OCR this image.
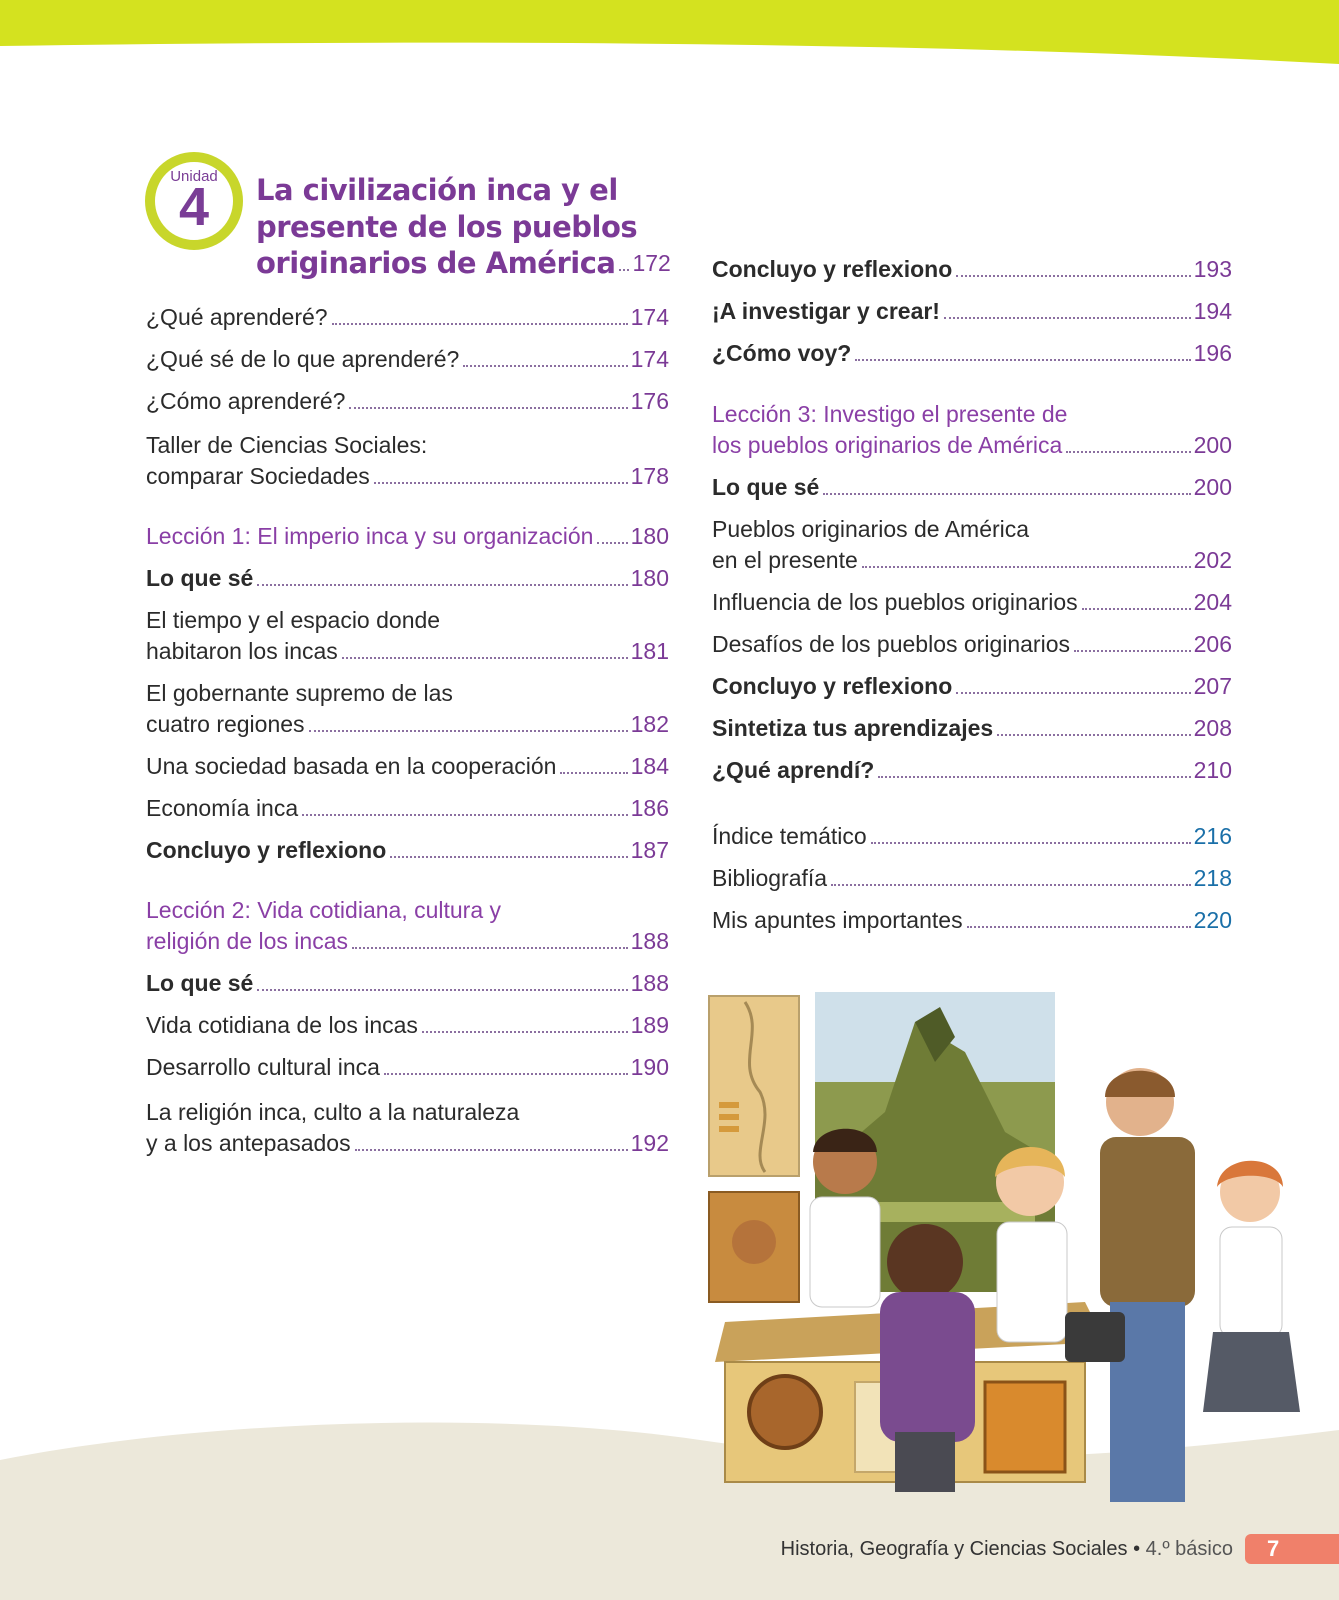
Unidad
4	La civilización inca y el
presente de los pueblos
originarios de América 172
¿Qué aprenderé?	174
¿Qué sé de lo que aprenderé?	174
¿Cómo aprenderé?	176
Taller de Ciencias Sociales:
comparar Sociedades	178
Lección 1: El imperio inca y su organización 180
Lo que sé	180
El tiempo y el espacio donde
habitaron los incas	181
El gobernante supremo de las
cuatro regiones	182
Una sociedad basada en la cooperación	184
Economía inca	186
Concluyo y reflexiono	187
Lección 2: Vida cotidiana, cultura y
religión de los incas	188
Lo que sé	188
Vida cotidiana de los incas	189
Desarrollo cultural inca	190
La religión inca, culto a la naturaleza
y a los antepasados	192
Concluyo y reflexiono	193
¡A investigar y crear!	194
¿Cómo voy?	196
Lección 3: Investigo el presente de
los pueblos originarios de América	200
Lo que sé	200
Pueblos originarios de América
en el presente	202
Influencia de los pueblos originarios	204
Desafíos de los pueblos originarios	206
Concluyo y reflexiono	207
Sintetiza tus aprendizajes	208
¿Qué aprendí?	210
Índice temático	216
Bibliografía	218
Mis apuntes importantes	220
Historia, Geografía y Ciencias Sociales • 4.º básico	7
